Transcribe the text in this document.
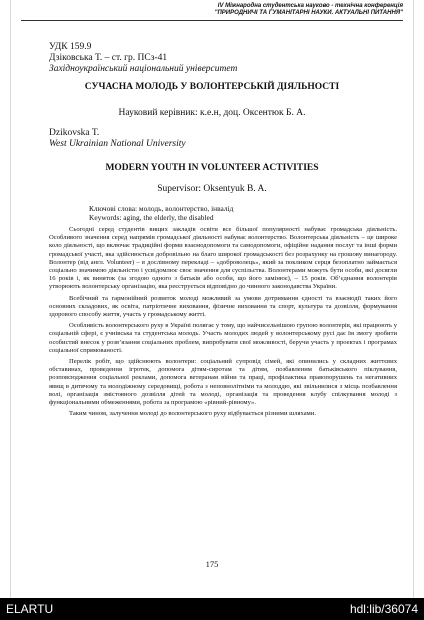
IV Міжнародна студентська науково - технічна конференція
"ПРИРОДНИЧІ ТА ГУМАНІТАРНІ НАУКИ. АКТУАЛЬНІ ПИТАННЯ"
УДК 159.9
Дзіковська Т. – ст. гр. ПСз-41
Західноукраїнський національний університет
СУЧАСНА МОЛОДЬ У ВОЛОНТЕРСЬКІЙ ДІЯЛЬНОСТІ
Науковий керівник: к.е.н, доц. Оксентюк Б. А.
Dzikovska T.
West Ukrainian National University
MODERN YOUTH IN VOLUNTEER ACTIVITIES
Supervisor: Oksentyuk B. A.
Ключові слова: молодь, волонтерство, інвалід
Keywords: aging, the elderly, the disabled

Сьогодні серед студентів вищих закладів освіти все більшої популярності набуває громадська діяльність. Особливого значення серед напрямів громадської діяльності набуває волонтерство. Волонтерська діяльність – це широке коло діяльності, що включає традиційні форми взаємодопомоги та самодопомоги, офіційне надання послуг та інші форми громадської участі, яка здійснюється добровільно на благо широкої громадськості без розрахунку на грошову винагороду. Волонтер (від англ. Volunteer) – в дослівному перекладі – «доброволець», який за покликом серця безоплатно займається соціально значимою діяльністю і усвідомлює своє значення для суспільства. Волонтерами можуть бути особи, які досягли 16 років і, як виняток (за згодою одного з батьків або особи, що його замінює), – 15 років. Об’єднання волонтерів утворюють волонтерську організацію, яка реєструється відповідно до чинного законодавства України.

Всебічний та гармонійний розвиток молоді можливий за умови дотримання єдності та взаємодії таких його основних складових, як освіта, патріотичне виховання, фізичне виховання та спорт, культура та дозвілля, формування здорового способу життя, участь у громадському житті.

Особливість волонтерського руху в Україні полягає у тому, що найчисельнішою групою волонтерів, які працюють у соціальній сфері, є учнівська та студентська молодь. Участь молодих людей у волонтерському русі дає їм змогу зробити особистий внесок у розв’язання соціальних проблем, випробувати свої можливості, беручи участь у проектах і програмах соціальної спрямованості.

Перелік робіт, що здійснюють волонтери: соціальний супровід сімей, які опинились у складних життєвих обставинах, проведення ігротек, допомога дітям-сиротам та дітям, позбавленим батьківського піклування, розповсюдження соціальної реклами, допомога ветеранам війни та праці, профілактика правопорушень та негативних явищ в дитячому та молодіжному середовищі, робота з неповнолітніми та молоддю, які звільнилися з місць позбавлення волі, організація змістовного дозвілля дітей та молоді, організація та проведення клубу спілкування молоді з функціональними обмеженнями, робота за програмою «рівний-рівному».

Таким чином, залучення молоді до волонтерського руху відбувається різними шляхами.

175
ELARTU	hdl:lib/36074
